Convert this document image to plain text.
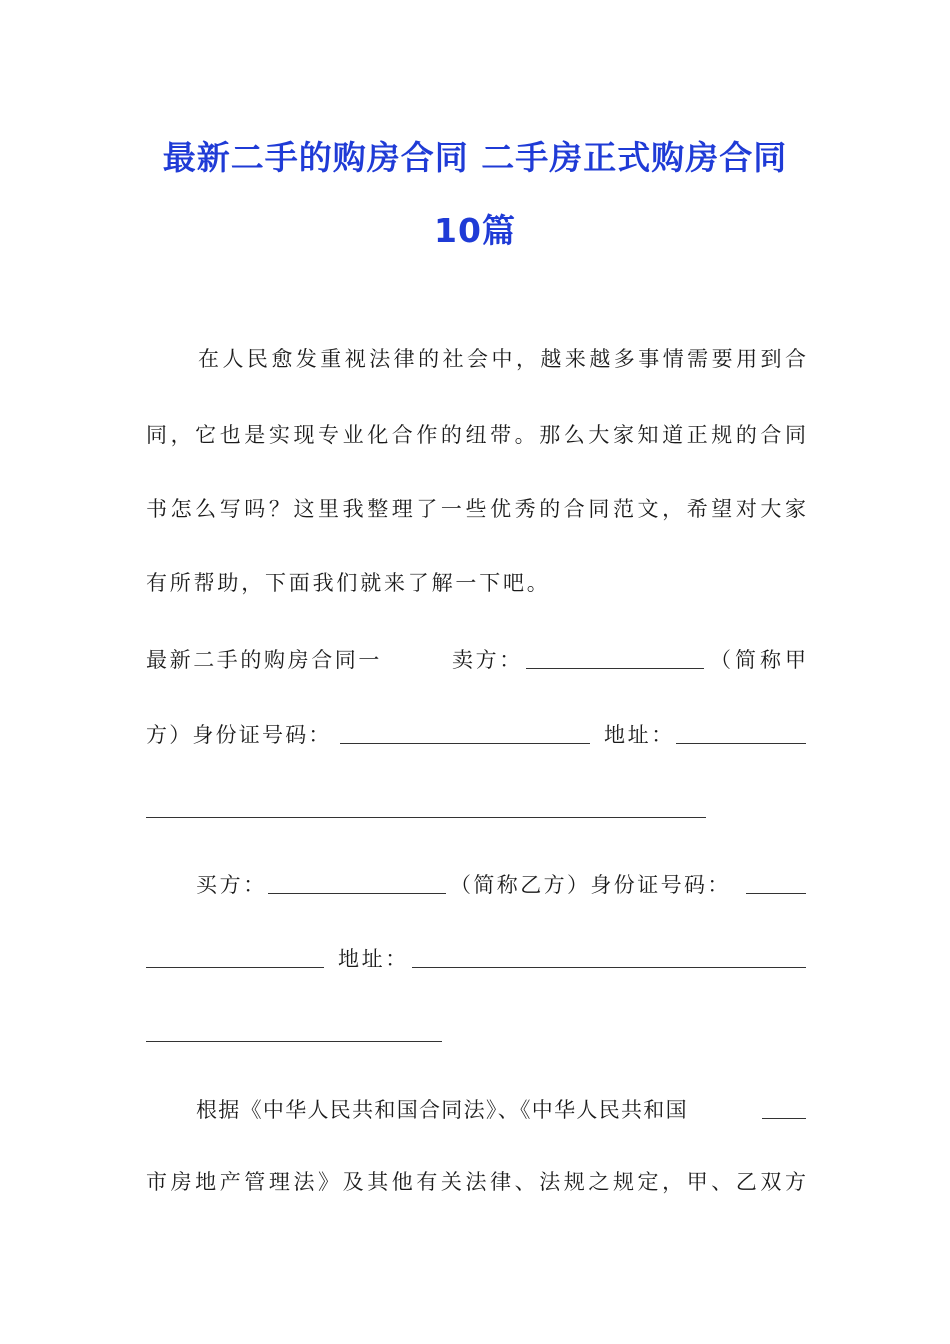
最新二手的购房合同 二手房正式购房合同
10篇
在人民愈发重视法律的社会中，越来越多事情需要用到合
同，它也是实现专业化合作的纽带。那么大家知道正规的合同
书怎么写吗？这里我整理了一些优秀的合同范文，希望对大家
有所帮助，下面我们就来了解一下吧。
最新二手的购房合同一	卖方：	（简称甲
方）身份证号码：	地址：
买方：	（简称乙方）身份证号码：
地址：
根据《中华人民共和国合同法》、《中华人民共和国
市房地产管理法》及其他有关法律、法规之规定，甲、乙双方
